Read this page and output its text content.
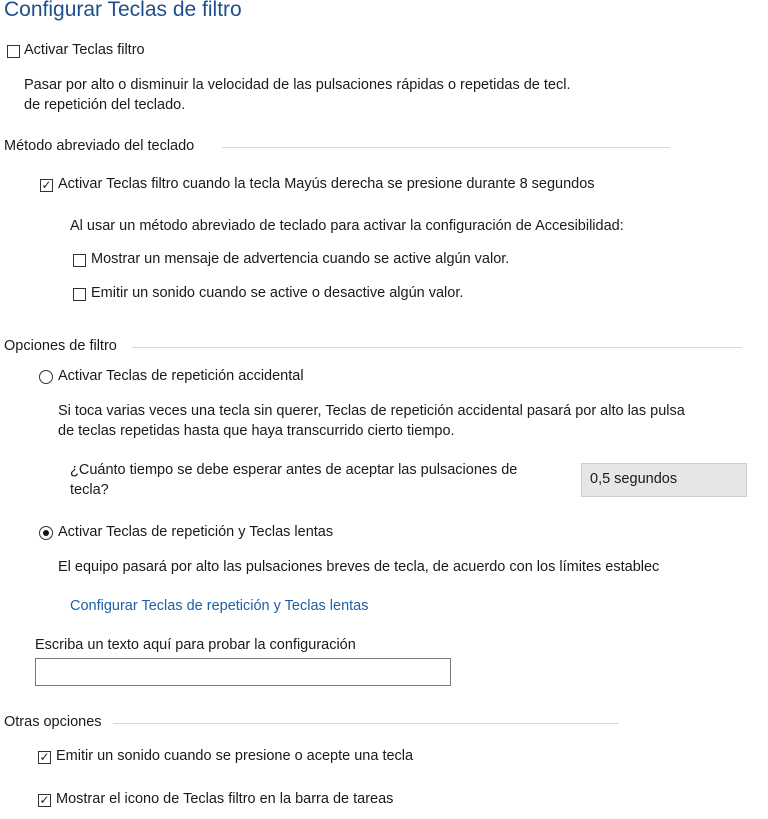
Configurar Teclas de filtro
Activar Teclas filtro
Pasar por alto o disminuir la velocidad de las pulsaciones rápidas o repetidas de tecl.
de repetición del teclado.
Método abreviado del teclado
✓ Activar Teclas filtro cuando la tecla Mayús derecha se presione durante 8 segundos
Al usar un método abreviado de teclado para activar la configuración de Accesibilidad:
Mostrar un mensaje de advertencia cuando se active algún valor.
Emitir un sonido cuando se active o desactive algún valor.
Opciones de filtro
Activar Teclas de repetición accidental
Si toca varias veces una tecla sin querer, Teclas de repetición accidental pasará por alto las pulsa
de teclas repetidas hasta que haya transcurrido cierto tiempo.
¿Cuánto tiempo se debe esperar antes de aceptar las pulsaciones de
tecla?
0,5 segundos
Activar Teclas de repetición y Teclas lentas
El equipo pasará por alto las pulsaciones breves de tecla, de acuerdo con los límites establec
Configurar Teclas de repetición y Teclas lentas
Escriba un texto aquí para probar la configuración
Otras opciones
✓ Emitir un sonido cuando se presione o acepte una tecla
✓ Mostrar el icono de Teclas filtro en la barra de tareas
